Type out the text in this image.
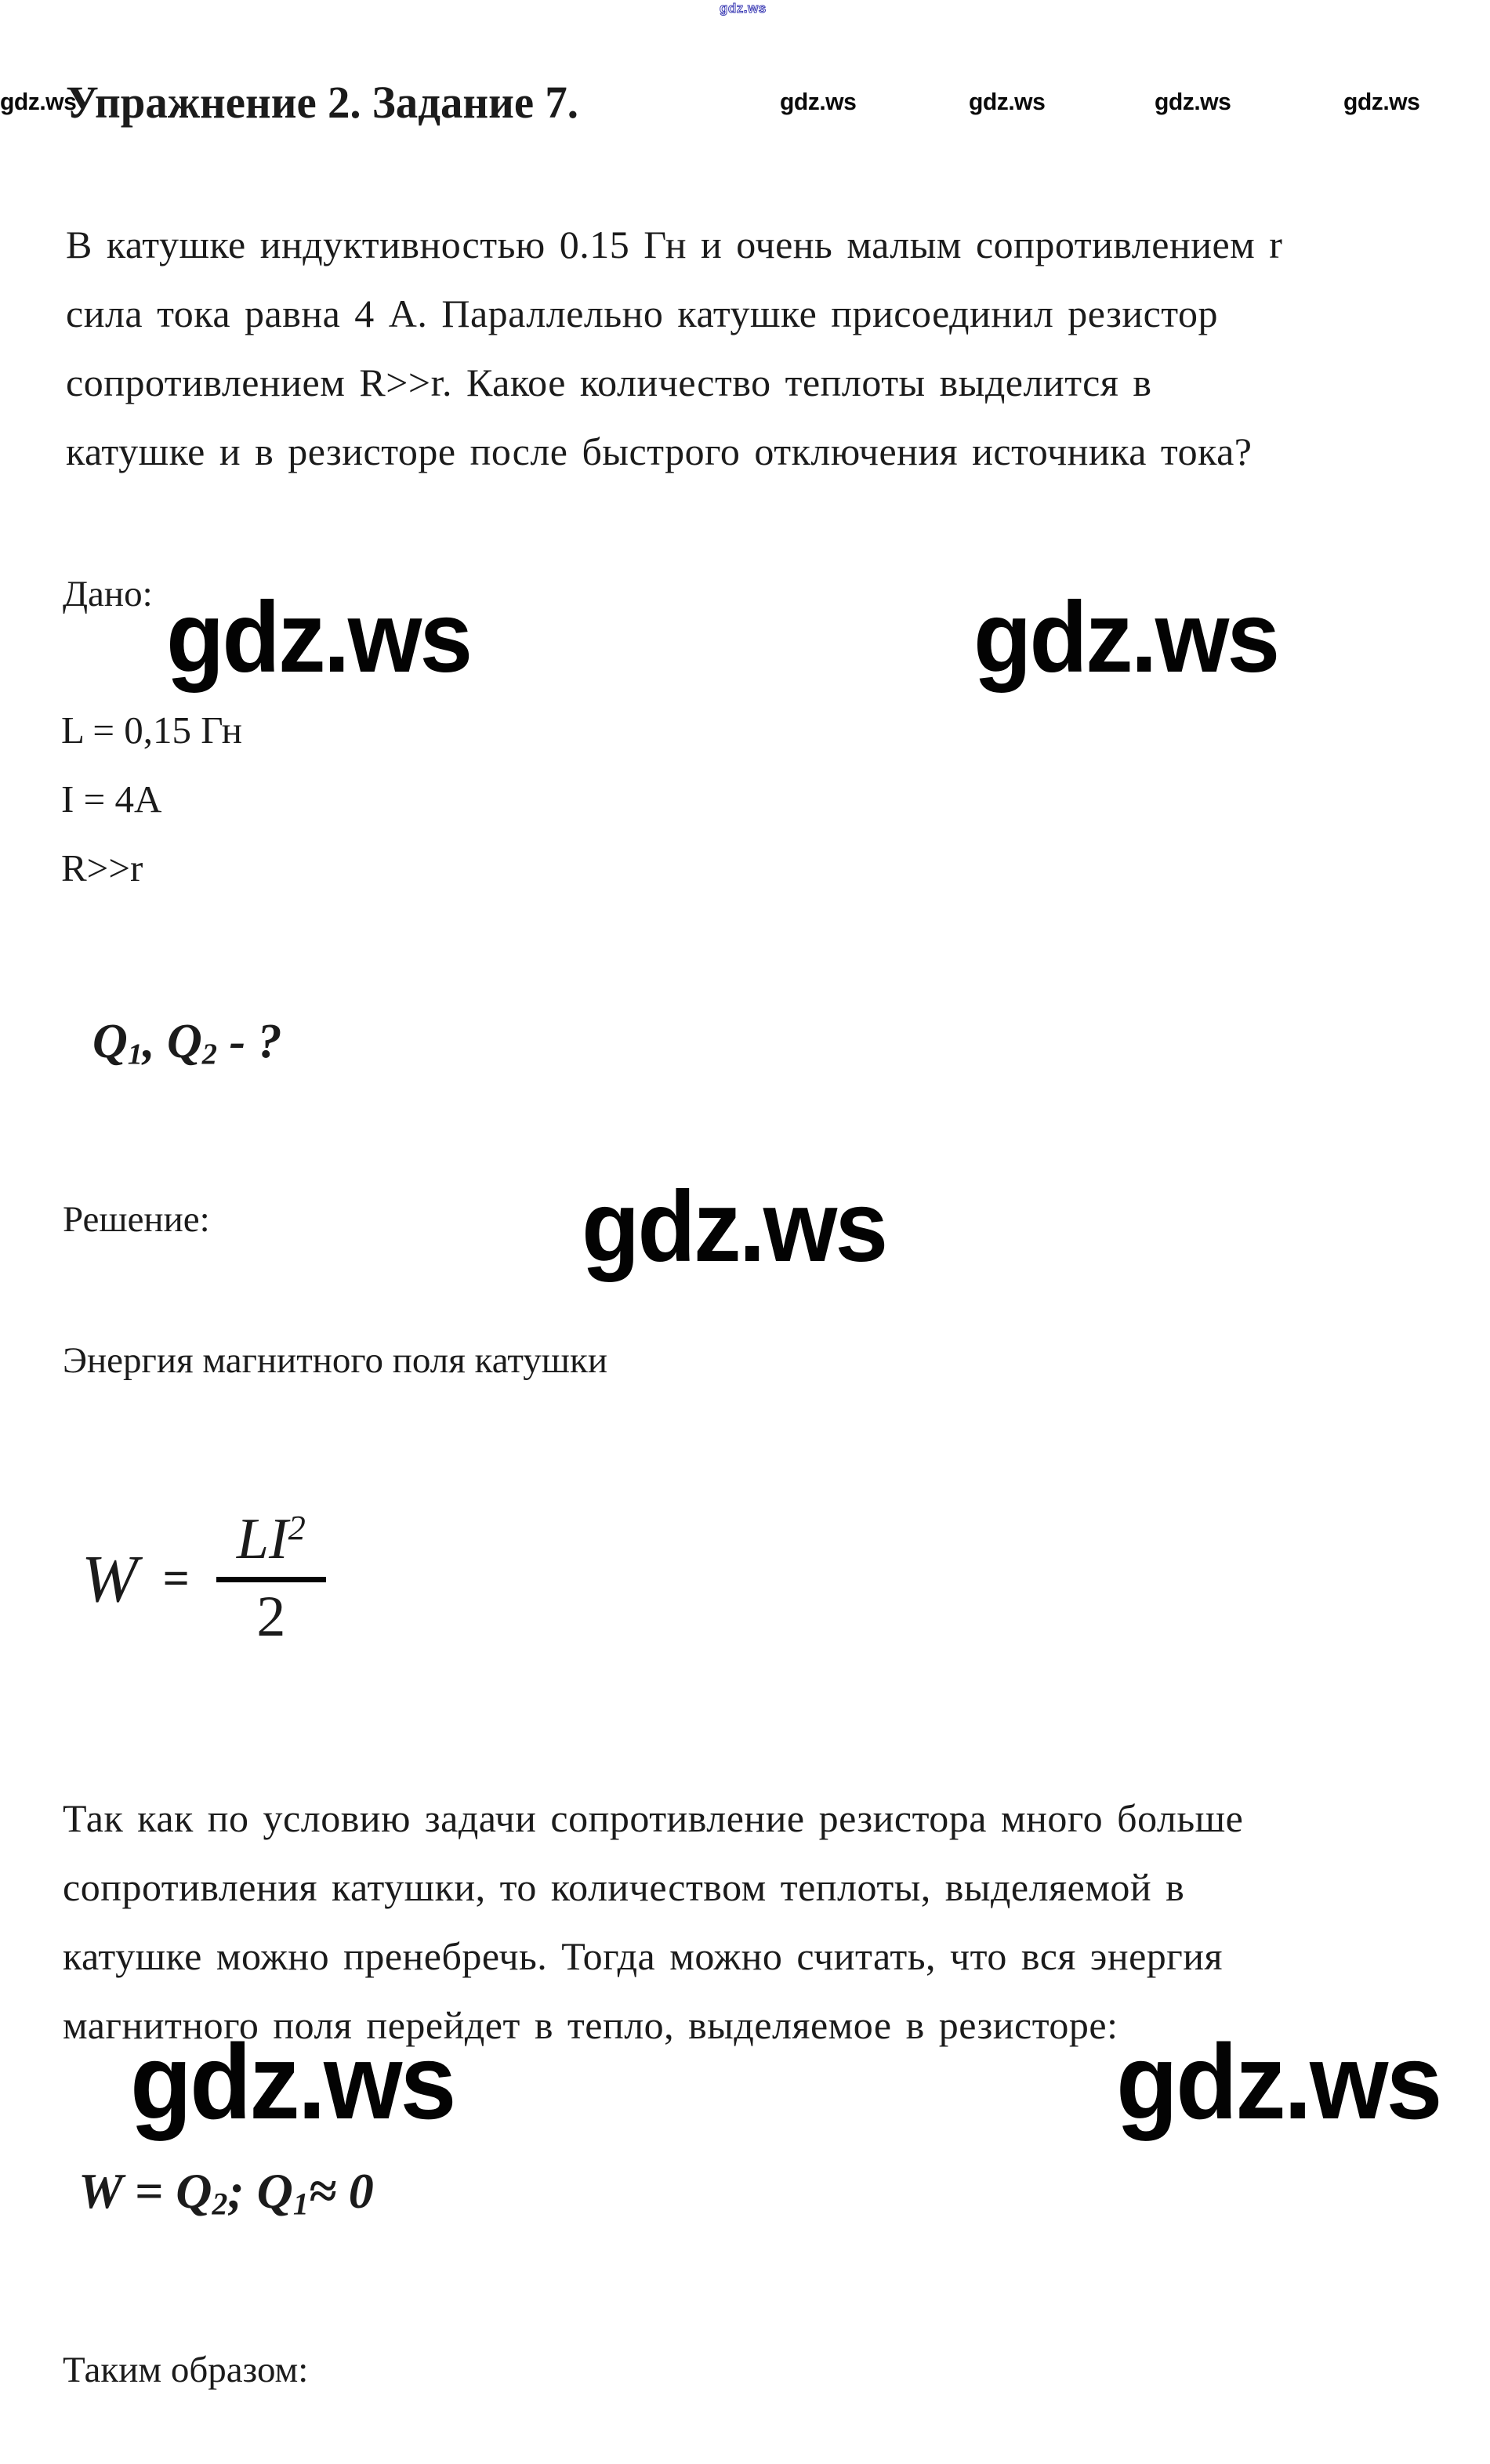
gdz.ws
Упражнение 2. Задание 7.	gdz.ws	gdz.ws	gdz.ws	gdz.ws
gdz.ws
В катушке индуктивностью 0.15 Гн и очень малым сопротивлением r
сила тока равна 4 А. Параллельно катушке присоединил резистор
сопротивлением R>>r. Какое количество теплоты выделится в
катушке и в резисторе после быстрого отключения источника тока?
Дано: gdz.ws	gdz.ws
L = 0,15 Гн
I = 4A
R>>r
Q1, Q2 - ?
Решение:	gdz.ws
Энергия магнитного поля катушки
W =
$LI^2$
2
Так как по условию задачи сопротивление резистора много больше
сопротивления катушки, то количеством теплоты, выделяемой в
катушке можно пренебречь. Тогда можно считать, что вся энергия
магнитного поля перейдет в тепло, выделяемое в резисторе:
gdz.ws	gdz.ws
W = Q2; Q1≈ 0
Таким образом:
